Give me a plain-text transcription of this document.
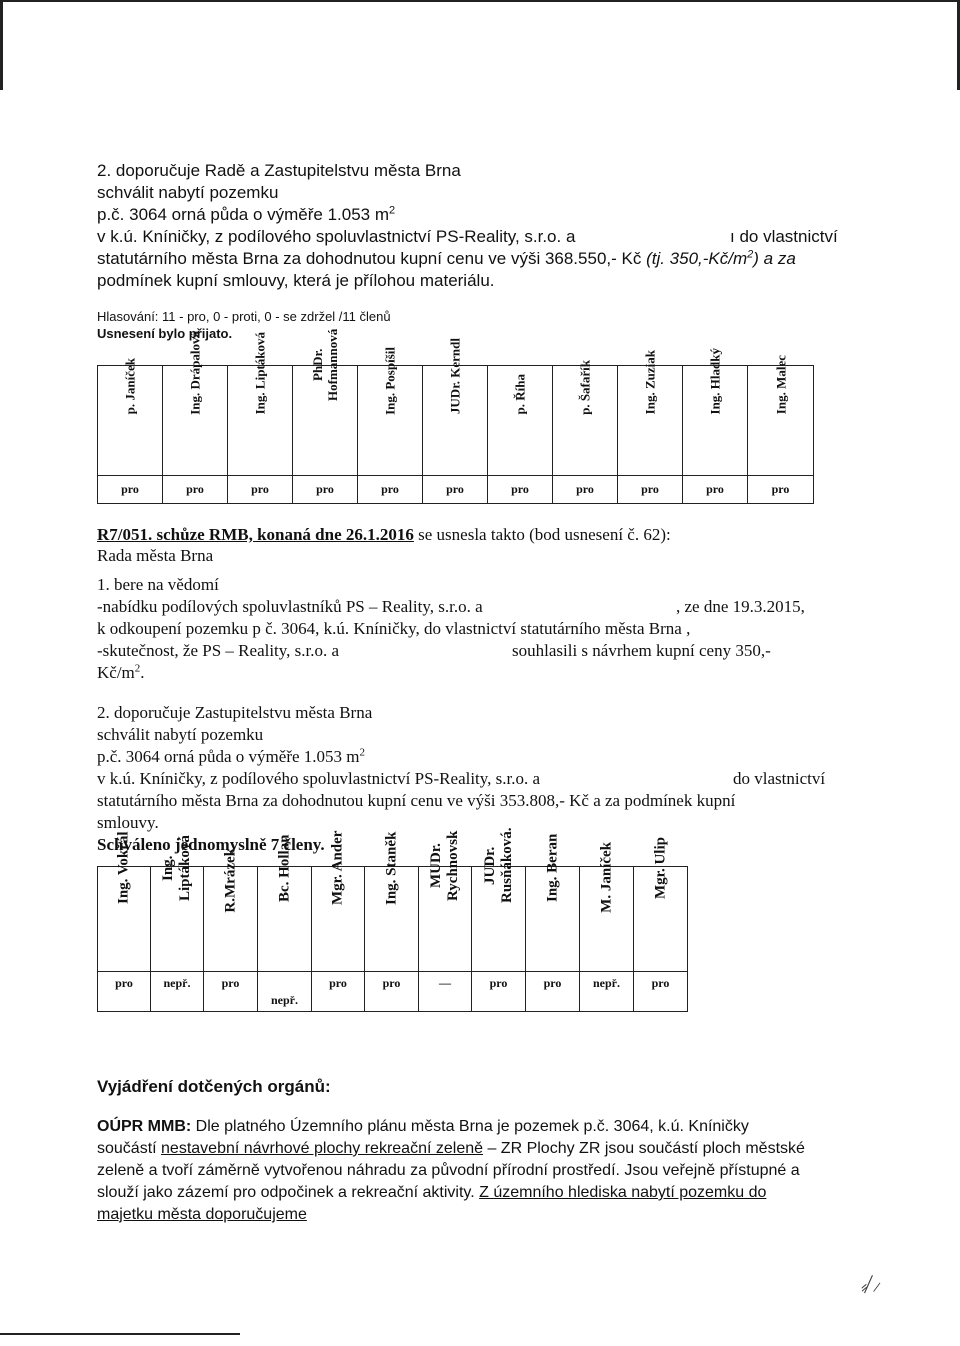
2. doporučuje Radě a Zastupitelstvu města Brna
schválit nabytí pozemku
p.č. 3064 orná půda o výměře 1.053 $m^2$
v k.ú. Kníničky, z podílového spoluvlastnictví PS-Reality, s.r.o. a	ı do vlastnictví
statutárního města Brna za dohodnutou kupní cenu ve výši 368.550,- Kč (tj. $350,-Kč/m^2$) a za
podmínek kupní smlouvy, která je přílohou materiálu.
Hlasování: 11 - pro, 0 - proti, 0 - se zdržel /11 členů
Usnesení bylo přijato.
p. Janíček	Ing. Drápalová	Ing. Liptáková	PhDr. Hofmannová	Ing. Pospíšil	JUDr. Kerndl	p. Říha	p. Šafařík	Ing. Zuziak	Ing. Hladký	Ing. Malec

pro	pro	pro	pro	pro	pro	pro	pro	pro	pro	pro
R7/051. schůze RMB, konaná dne 26.1.2016 se usnesla takto (bod usnesení č. 62):
Rada města Brna
1. bere na vědomí
-nabídku podílových spoluvlastníků PS – Reality, s.r.o. a	, ze dne 19.3.2015,
k odkoupení pozemku p č. 3064, k.ú. Kníničky, do vlastnictví statutárního města Brna ,
-skutečnost, že PS – Reality, s.r.o. a	souhlasili s návrhem kupní ceny 350,-
$Kč/m^2$.
2. doporučuje Zastupitelstvu města Brna
schválit nabytí pozemku
p.č. 3064 orná půda o výměře 1.053 $m^2$
v k.ú. Kníničky, z podílového spoluvlastnictví PS-Reality, s.r.o. a	do vlastnictví
statutárního města Brna za dohodnutou kupní cenu ve výši 353.808,- Kč a za podmínek kupní
smlouvy.
Schváleno jednomyslně 7 členy.
Ing. Vokřál	Ing. Liptáková	R.Mrázek	Bc. Hollan	Mgr. Ander	Ing. Staněk	MUDr. Rychnovsk	JUDr. Rusňáková.	Ing. Beran	M. Janíček	Mgr. Ulip

pro	nepř.	pro	nepř.	pro	pro	—	pro	pro	nepř.	pro
Vyjádření dotčených orgánů:
OÚPR MMB: Dle platného Územního plánu města Brna je pozemek p.č. 3064, k.ú. Kníničky
součástí nestavební návrhové plochy rekreační zeleně – ZR Plochy ZR jsou součástí ploch městské
zeleně a tvoří záměrně vytvořenou náhradu za původní přírodní prostředí. Jsou veřejně přístupné a
slouží jako zázemí pro odpočinek a rekreační aktivity. Z územního hlediska nabytí pozemku do
majetku města doporučujeme
⸗⁄⸝
